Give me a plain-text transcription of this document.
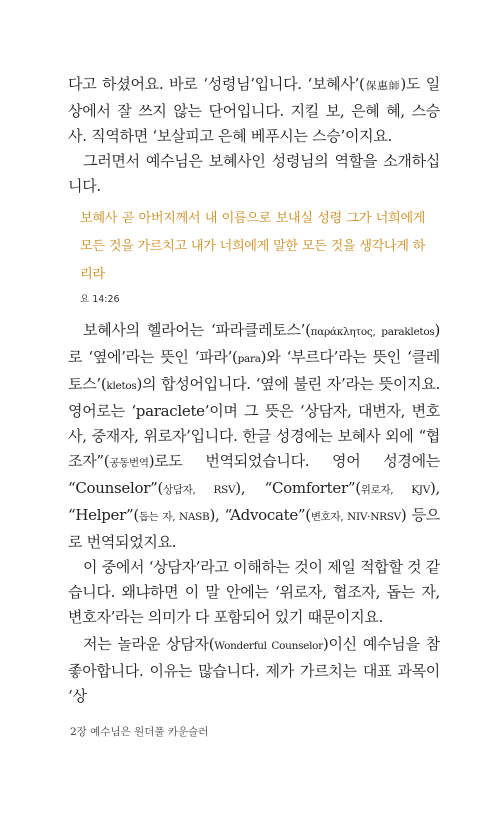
다고 하셨어요. 바로 ‘성령님’입니다. ‘보혜사’(保惠師)도 일상에서 잘 쓰지 않는 단어입니다. 지킬 보, 은혜 혜, 스승 사. 직역하면 ‘보살피고 은혜 베푸시는 스승’이지요.

그러면서 예수님은 보혜사인 성령님의 역할을 소개하십니다.

보혜사 곧 아버지께서 내 이름으로 보내실 성령 그가 너희에게 모든 것을 가르치고 내가 너희에게 말한 모든 것을 생각나게 하리라

요 14:26

보혜사의 헬라어는 ‘파라클레토스’(παράκλητος, parakletos)로 ‘옆에’라는 뜻인 ‘파라’(para)와 ‘부르다’라는 뜻인 ‘클레토스’(kletos)의 합성어입니다. ‘옆에 불린 자’라는 뜻이지요. 영어로는 ‘paraclete’이며 그 뜻은 ‘상담자, 대변자, 변호사, 중재자, 위로자’입니다. 한글 성경에는 보혜사 외에 “협조자”(공동번역)로도 번역되었습니다. 영어 성경에는 “Counselor”(상담자, RSV), “Comforter”(위로자, KJV), “Helper”(돕는 자, NASB), “Advocate”(변호자, NIV·NRSV) 등으로 번역되었지요.

이 중에서 ‘상담자’라고 이해하는 것이 제일 적합할 것 같습니다. 왜냐하면 이 말 안에는 ‘위로자, 협조자, 돕는 자, 변호자’라는 의미가 다 포함되어 있기 때문이지요.

저는 놀라운 상담자(Wonderful Counselor)이신 예수님을 참 좋아합니다. 이유는 많습니다. 제가 가르치는 대표 과목이 ‘상

2장 예수님은 원더풀 카운슬러
